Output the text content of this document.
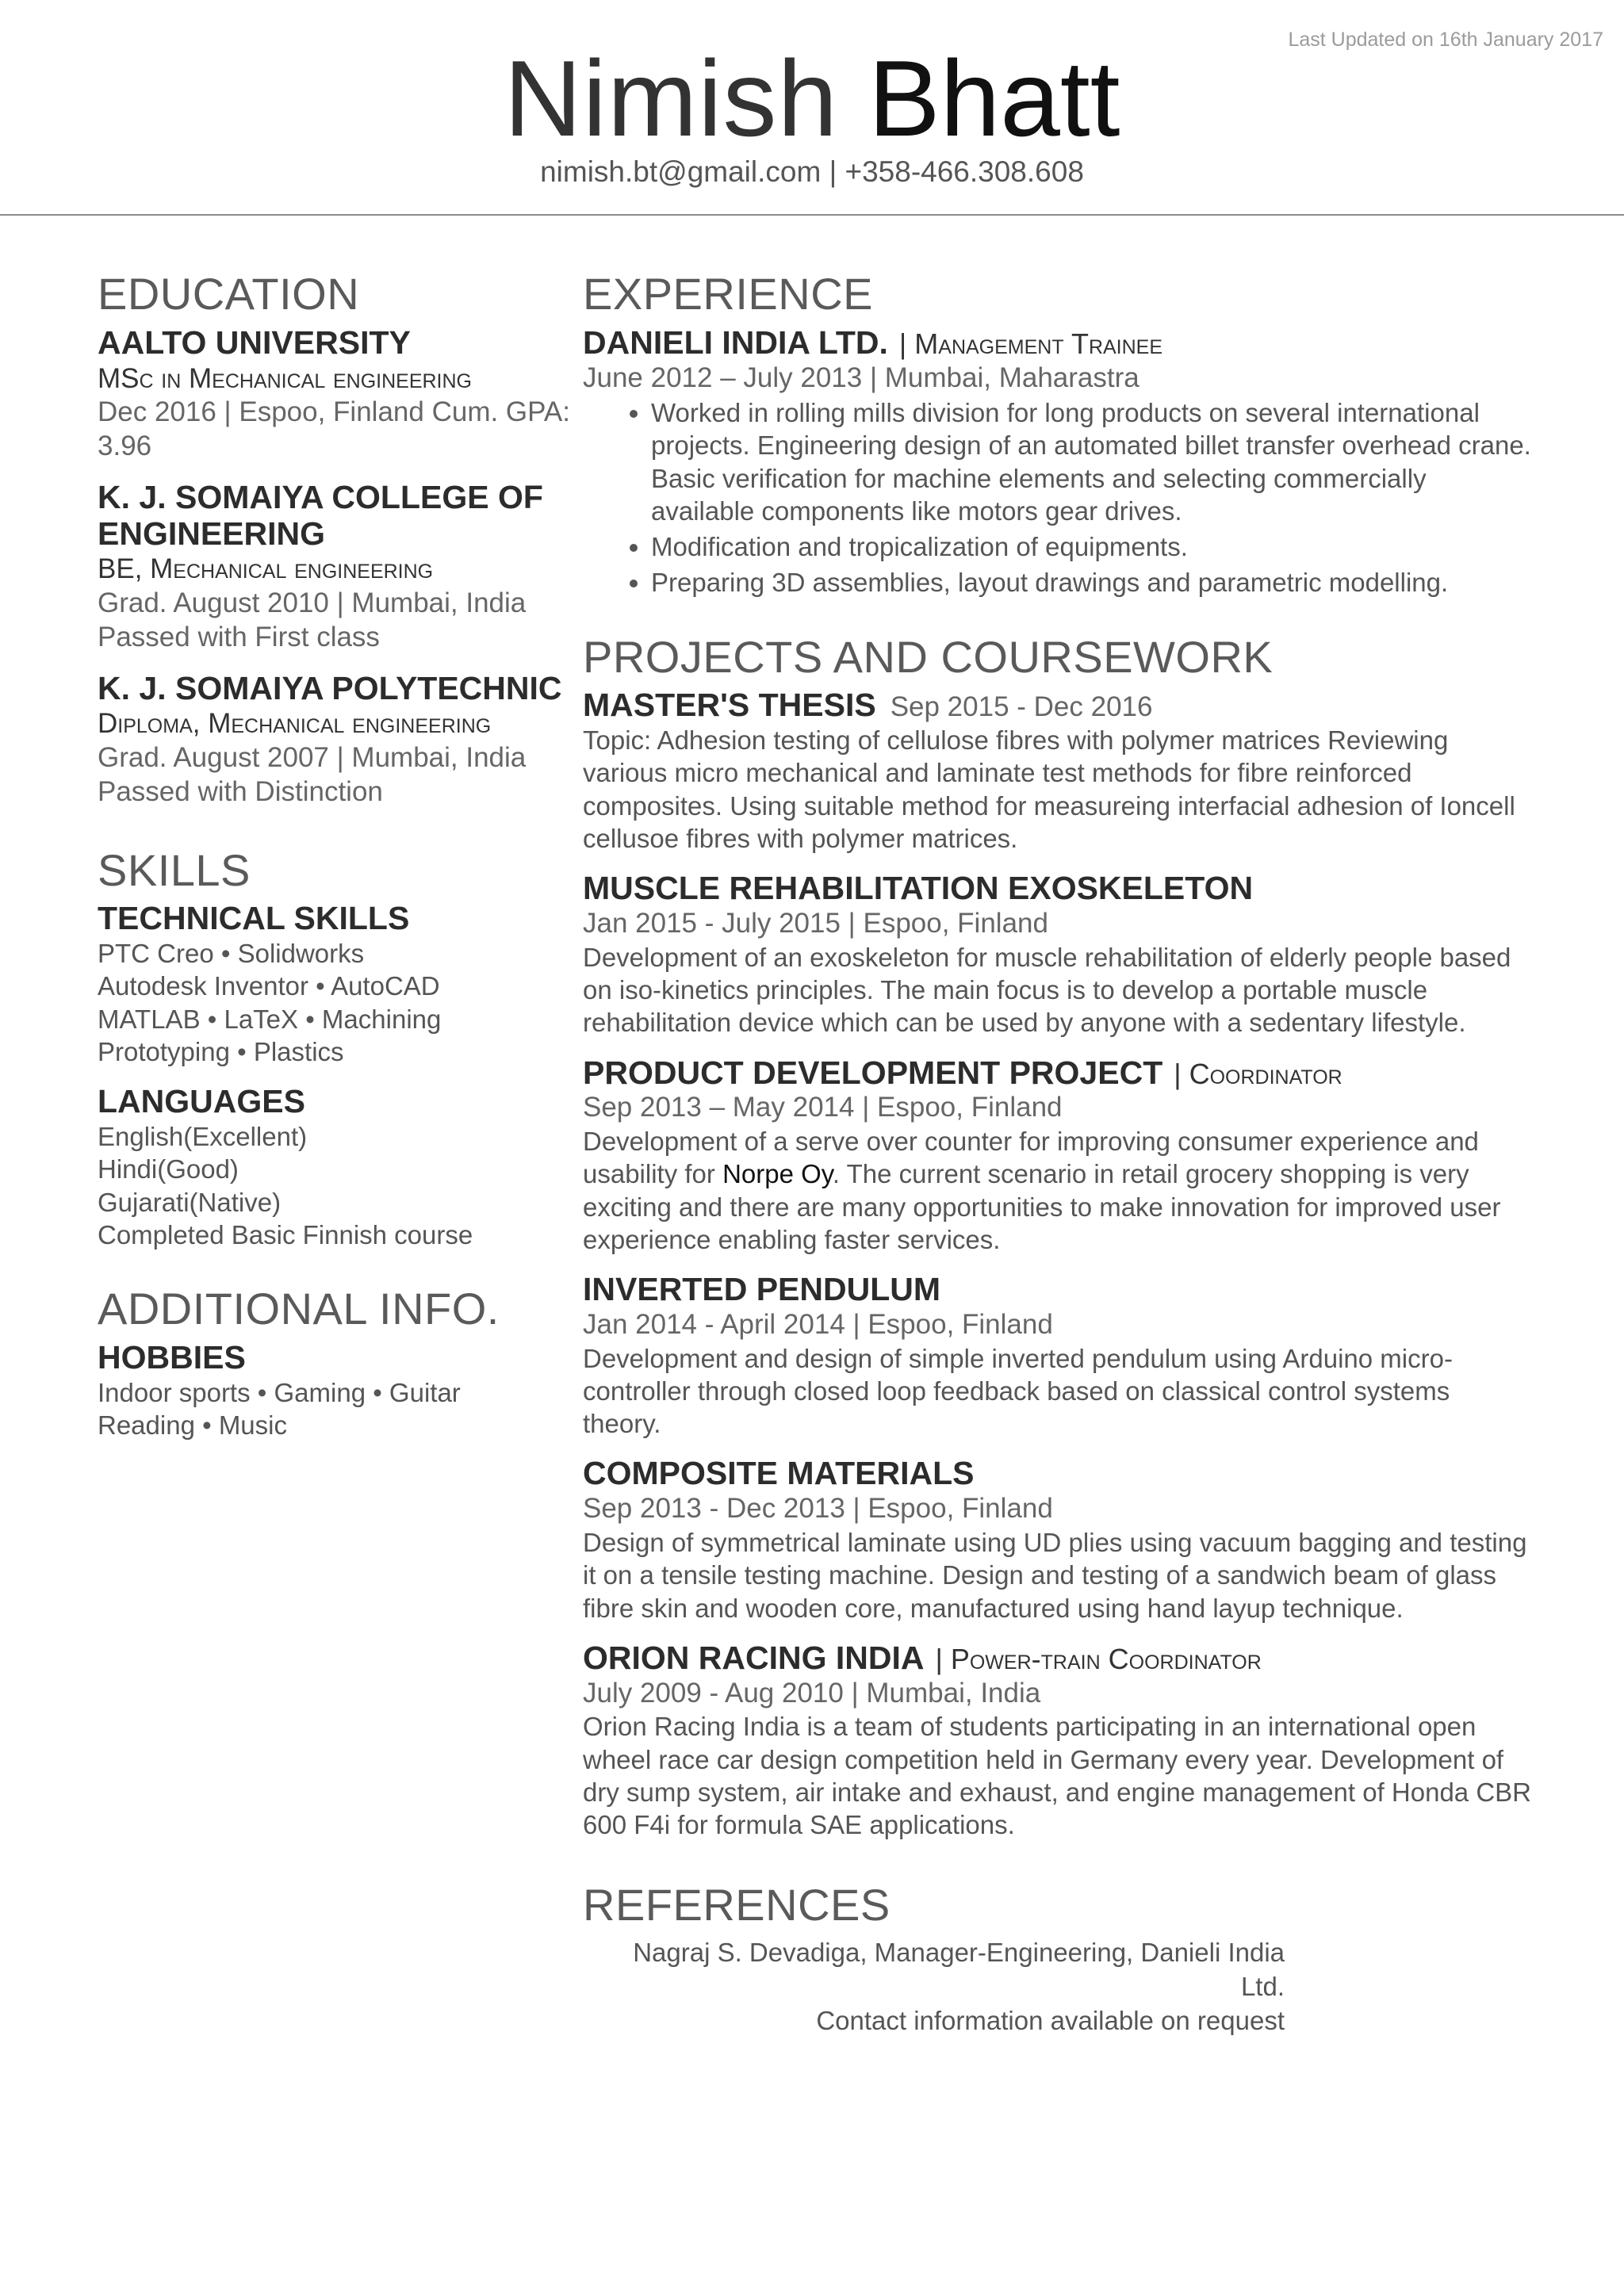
Last Updated on 16th January 2017
Nimish Bhatt
nimish.bt@gmail.com | +358-466.308.608
EDUCATION
AALTO UNIVERSITY
MSc in Mechanical engineering
Dec 2016 | Espoo, Finland Cum. GPA:
3.96
K. J. SOMAIYA COLLEGE OF ENGINEERING
BE, Mechanical engineering
Grad. August 2010 | Mumbai, India
Passed with First class
K. J. SOMAIYA POLYTECHNIC
Diploma, Mechanical engineering
Grad. August 2007 | Mumbai, India
Passed with Distinction
SKILLS
TECHNICAL SKILLS
PTC Creo • Solidworks
Autodesk Inventor • AutoCAD
MATLAB • LaTeX • Machining
Prototyping • Plastics
LANGUAGES
English(Excellent)
Hindi(Good)
Gujarati(Native)
Completed Basic Finnish course
ADDITIONAL INFO.
HOBBIES
Indoor sports • Gaming • Guitar
Reading • Music
EXPERIENCE
DANIELI INDIA LTD. | Management Trainee
June 2012 – July 2013 | Mumbai, Maharastra
• Worked in rolling mills division for long products on several international projects. Engineering design of an automated billet transfer overhead crane. Basic verification for machine elements and selecting commercially available components like motors gear drives.
• Modification and tropicalization of equipments.
• Preparing 3D assemblies, layout drawings and parametric modelling.
PROJECTS AND COURSEWORK
MASTER'S THESIS Sep 2015 - Dec 2016
Topic: Adhesion testing of cellulose fibres with polymer matrices Reviewing various micro mechanical and laminate test methods for fibre reinforced composites. Using suitable method for measureing interfacial adhesion of Ioncell cellusoe fibres with polymer matrices.
MUSCLE REHABILITATION EXOSKELETON
Jan 2015 - July 2015 | Espoo, Finland
Development of an exoskeleton for muscle rehabilitation of elderly people based on iso-kinetics principles. The main focus is to develop a portable muscle rehabilitation device which can be used by anyone with a sedentary lifestyle.
PRODUCT DEVELOPMENT PROJECT | Coordinator
Sep 2013 – May 2014 | Espoo, Finland
Development of a serve over counter for improving consumer experience and usability for Norpe Oy. The current scenario in retail grocery shopping is very exciting and there are many opportunities to make innovation for improved user experience enabling faster services.
INVERTED PENDULUM
Jan 2014 - April 2014 | Espoo, Finland
Development and design of simple inverted pendulum using Arduino micro-controller through closed loop feedback based on classical control systems theory.
COMPOSITE MATERIALS
Sep 2013 - Dec 2013 | Espoo, Finland
Design of symmetrical laminate using UD plies using vacuum bagging and testing it on a tensile testing machine. Design and testing of a sandwich beam of glass fibre skin and wooden core, manufactured using hand layup technique.
ORION RACING INDIA | Power-train Coordinator
July 2009 - Aug 2010 | Mumbai, India
Orion Racing India is a team of students participating in an international open wheel race car design competition held in Germany every year. Development of dry sump system, air intake and exhaust, and engine management of Honda CBR 600 F4i for formula SAE applications.
REFERENCES
Nagraj S. Devadiga, Manager-Engineering, Danieli India Ltd.
Contact information available on request
